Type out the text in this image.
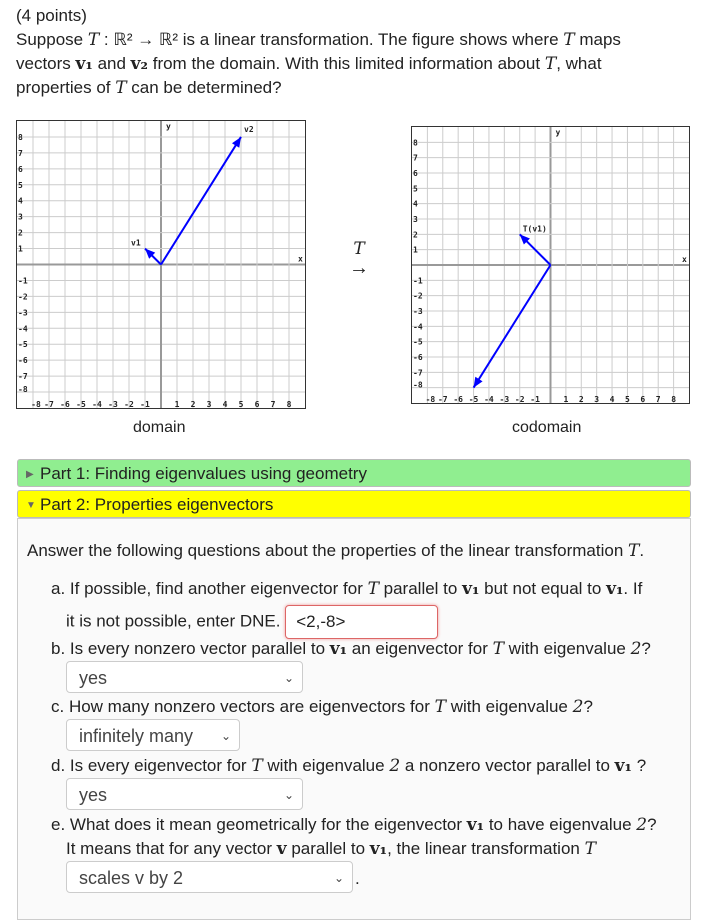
(4 points)
Suppose T : ℝ² → ℝ² is a linear transformation. The figure shows where T maps
vectors v₁ and v₂ from the domain. With this limited information about T, what
properties of T can be determined?
-8
-8
-7
-7
-6
-6
-5
-5
-4
-4
-3
-3
-2
-2
-1
-1
1
1
2
2
3
3
4
4
5
5
6
6
7
7
8
8
x
y
v1
v2
-8
-8
-7
-7
-6
-6
-5
-5
-4
-4
-3
-3
-2
-2
-1
-1
1
1
2
2
3
3
4
4
5
5
6
6
7
7
8
8
x
y
T(v1)
domain	codomain
T
→
▶ Part 1: Finding eigenvalues using geometry
▼ Part 2: Properties eigenvectors
Answer the following questions about the properties of the linear transformation T.
a. If possible, find another eigenvector for T parallel to v₁ but not equal to v₁. If
it is not possible, enter DNE. <2,-8>
b. Is every nonzero vector parallel to v₁ an eigenvector for T with eigenvalue 2?
yes	⌄
c. How many nonzero vectors are eigenvectors for T with eigenvalue 2?
infinitely many ⌄
d. Is every eigenvector for T with eigenvalue 2 a nonzero vector parallel to v₁ ?
yes	⌄
e. What does it mean geometrically for the eigenvector v₁ to have eigenvalue 2?
It means that for any vector v parallel to v₁, the linear transformation T
scales v by 2	⌄ .
